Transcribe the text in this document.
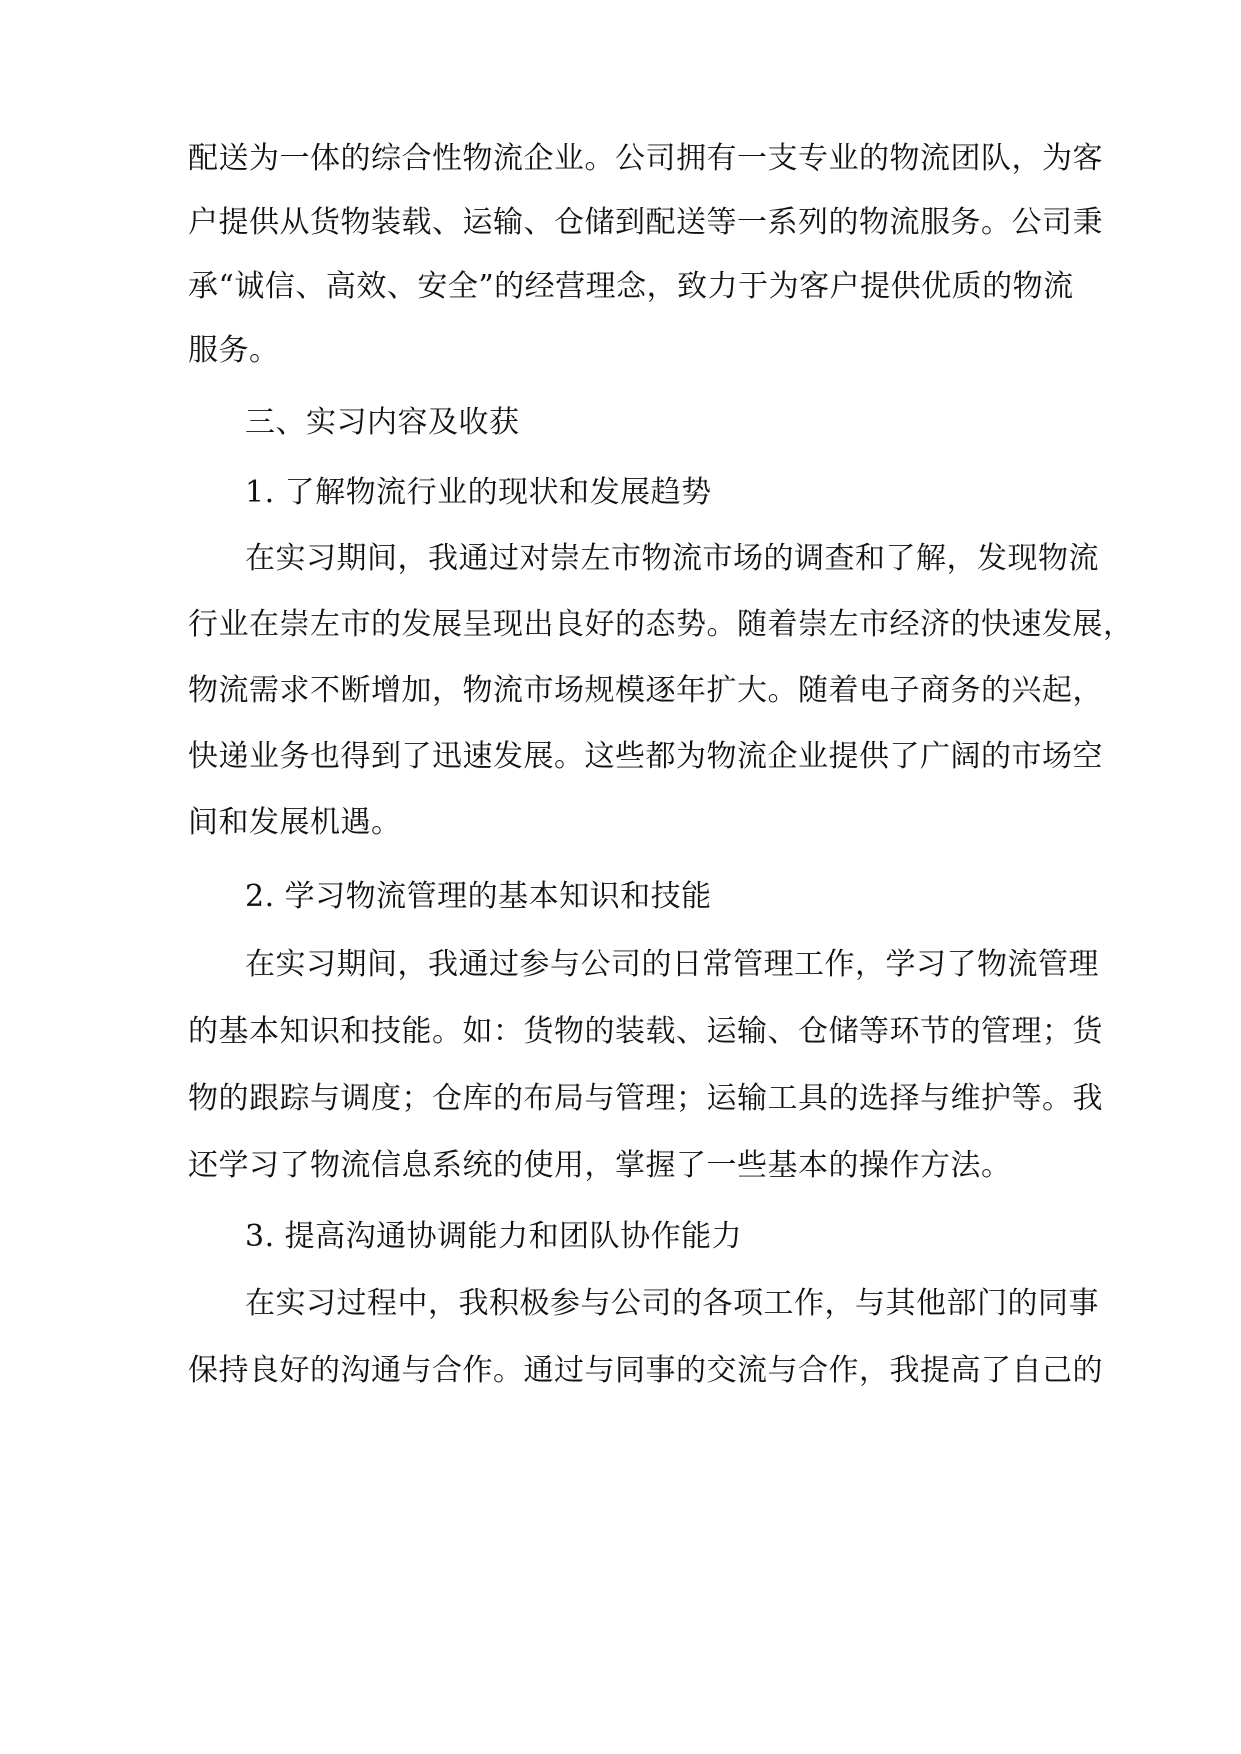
配送为一体的综合性物流企业。公司拥有一支专业的物流团队，为客
户提供从货物装载、运输、仓储到配送等一系列的物流服务。公司秉
承“诚信、高效、安全”的经营理念，致力于为客户提供优质的物流
服务。
三、实习内容及收获
1. 了解物流行业的现状和发展趋势
在实习期间，我通过对崇左市物流市场的调查和了解，发现物流
行业在崇左市的发展呈现出良好的态势。随着崇左市经济的快速发展，
物流需求不断增加，物流市场规模逐年扩大。随着电子商务的兴起，
快递业务也得到了迅速发展。这些都为物流企业提供了广阔的市场空
间和发展机遇。
2. 学习物流管理的基本知识和技能
在实习期间，我通过参与公司的日常管理工作，学习了物流管理
的基本知识和技能。如：货物的装载、运输、仓储等环节的管理；货
物的跟踪与调度；仓库的布局与管理；运输工具的选择与维护等。我
还学习了物流信息系统的使用，掌握了一些基本的操作方法。
3. 提高沟通协调能力和团队协作能力
在实习过程中，我积极参与公司的各项工作，与其他部门的同事
保持良好的沟通与合作。通过与同事的交流与合作，我提高了自己的
